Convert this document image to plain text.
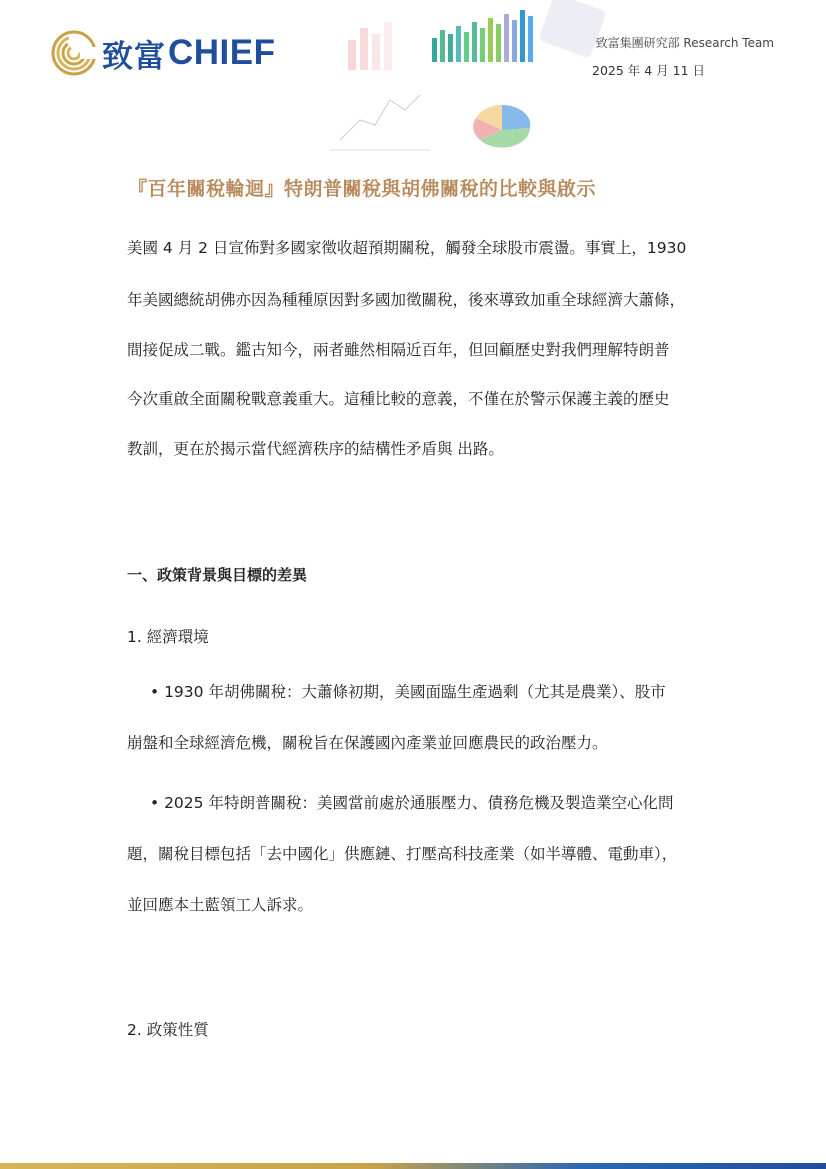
致富 CHIEF	致富集團研究部 Research Team
2025 年 4 月 11 日
『百年關稅輪迴』特朗普關稅與胡佛關稅的比較與啟示
美國 4 月 2 日宣佈對多國家徵收超預期關稅，觸發全球股市震盪。事實上，1930
年美國總統胡佛亦因為種種原因對多國加徵關稅，後來導致加重全球經濟大蕭條，
間接促成二戰。鑑古知今，兩者雖然相隔近百年，但回顧歷史對我們理解特朗普
今次重啟全面關稅戰意義重大。這種比較的意義，不僅在於警示保護主義的歷史
教訓，更在於揭示當代經濟秩序的結構性矛盾與 出路。
一、政策背景與目標的差異
1. 經濟環境
• 1930 年胡佛關稅：大蕭條初期，美國面臨生產過剩（尤其是農業）、股市
崩盤和全球經濟危機，關稅旨在保護國內產業並回應農民的政治壓力。
• 2025 年特朗普關稅：美國當前處於通脹壓力、債務危機及製造業空心化問
題，關稅目標包括「去中國化」供應鏈、打壓高科技產業（如半導體、電動車），
並回應本土藍領工人訴求。
2. 政策性質
